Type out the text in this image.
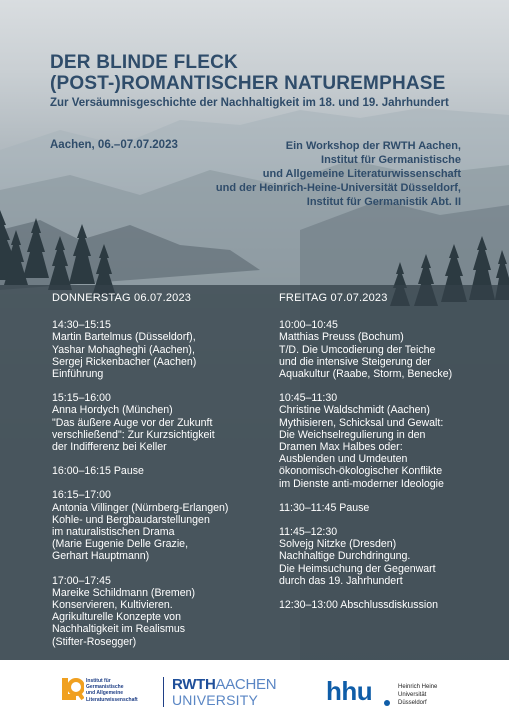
DER BLINDE FLECK
(POST-)ROMANTISCHER NATUREMPHASE
Zur Versäumnisgeschichte der Nachhaltigkeit im 18. und 19. Jahrhundert
Aachen, 06.–07.07.2023	Ein Workshop der RWTH Aachen,
Institut für Germanistische
und Allgemeine Literaturwissenschaft
und der Heinrich-Heine-Universität Düsseldorf,
Institut für Germanistik Abt. II
DONNERSTAG 06.07.2023
14:30–15:15
Martin Bartelmus (Düsseldorf),
Yashar Mohagheghi (Aachen),
Sergej Rickenbacher (Aachen)
Einführung
15:15–16:00
Anna Hordych (München)
"Das äußere Auge vor der Zukunft
verschließend": Zur Kurzsichtigkeit
der Indifferenz bei Keller
16:00–16:15 Pause
16:15–17:00
Antonia Villinger (Nürnberg-Erlangen)
Kohle- und Bergbaudarstellungen
im naturalistischen Drama
(Marie Eugenie Delle Grazie,
Gerhart Hauptmann)
17:00–17:45
Mareike Schildmann (Bremen)
Konservieren, Kultivieren.
Agrikulturelle Konzepte von
Nachhaltigkeit im Realismus
(Stifter-Rosegger)
FREITAG 07.07.2023
10:00–10:45
Matthias Preuss (Bochum)
T/D. Die Umcodierung der Teiche
und die intensive Steigerung der
Aquakultur (Raabe, Storm, Benecke)
10:45–11:30
Christine Waldschmidt (Aachen)
Mythisieren, Schicksal und Gewalt:
Die Weichselregulierung in den
Dramen Max Halbes oder:
Ausblenden und Umdeuten
ökonomisch-ökologischer Konflikte
im Dienste anti-moderner Ideologie
11:30–11:45 Pause
11:45–12:30
Solvejg Nitzke (Dresden)
Nachhaltige Durchdringung.
Die Heimsuchung der Gegenwart
durch das 19. Jahrhundert
12:30–13:00 Abschlussdiskussion
Institut für
Germanistische
und Allgemeine
Literaturwissenschaft
RWTHAACHEN
UNIVERSITY	hhu	Heinrich Heine
Universität
Düsseldorf
